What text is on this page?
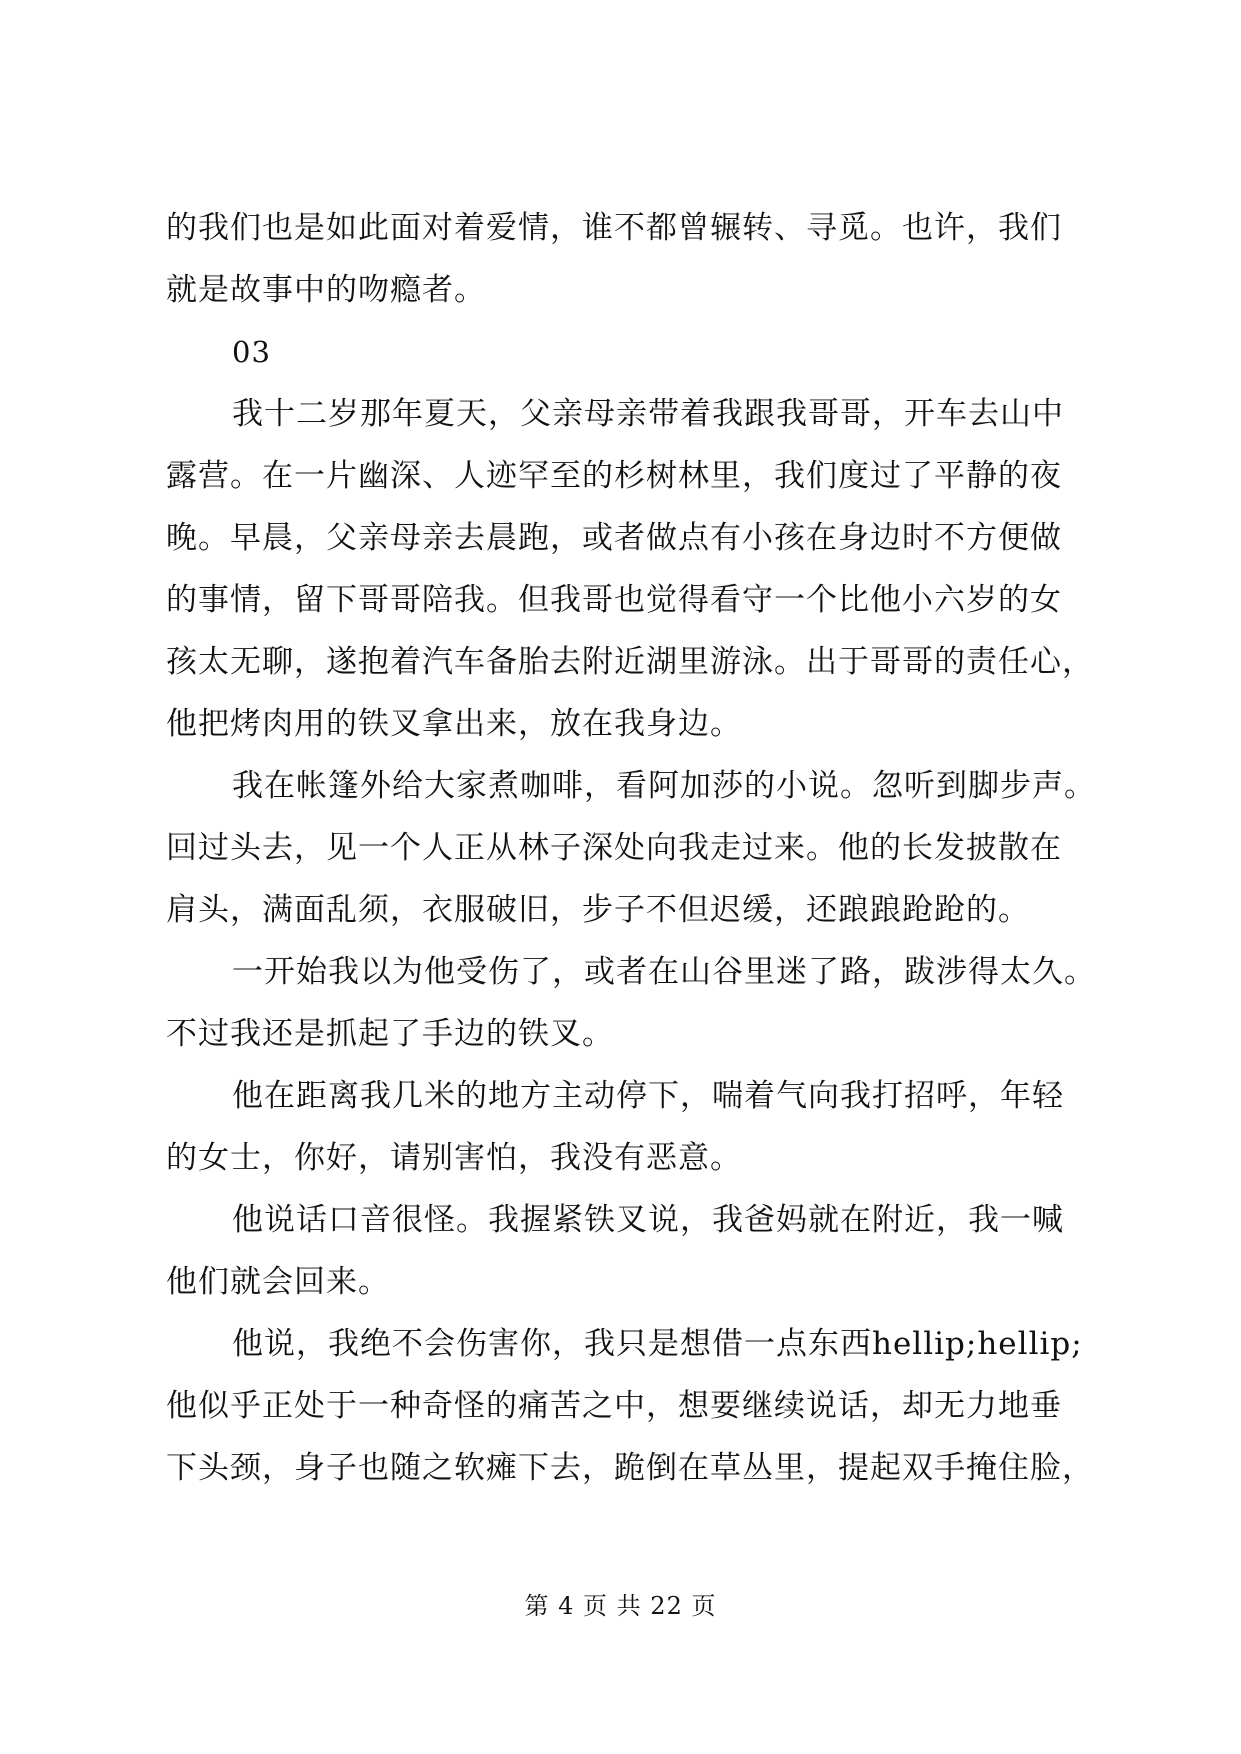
的我们也是如此面对着爱情，谁不都曾辗转、寻觅。也许，我们
就是故事中的吻瘾者。
03
我十二岁那年夏天，父亲母亲带着我跟我哥哥，开车去山中
露营。在一片幽深、人迹罕至的杉树林里，我们度过了平静的夜
晚。早晨，父亲母亲去晨跑，或者做点有小孩在身边时不方便做
的事情，留下哥哥陪我。但我哥也觉得看守一个比他小六岁的女
孩太无聊，遂抱着汽车备胎去附近湖里游泳。出于哥哥的责任心，
他把烤肉用的铁叉拿出来，放在我身边。
我在帐篷外给大家煮咖啡，看阿加莎的小说。忽听到脚步声。
回过头去，见一个人正从林子深处向我走过来。他的长发披散在
肩头，满面乱须，衣服破旧，步子不但迟缓，还踉踉跄跄的。
一开始我以为他受伤了，或者在山谷里迷了路，跋涉得太久。
不过我还是抓起了手边的铁叉。
他在距离我几米的地方主动停下，喘着气向我打招呼，年轻
的女士，你好，请别害怕，我没有恶意。
他说话口音很怪。我握紧铁叉说，我爸妈就在附近，我一喊
他们就会回来。
他说，我绝不会伤害你，我只是想借一点东西hellip;hellip;
他似乎正处于一种奇怪的痛苦之中，想要继续说话，却无力地垂
下头颈，身子也随之软瘫下去，跪倒在草丛里，提起双手掩住脸，
第 4 页 共 22 页
